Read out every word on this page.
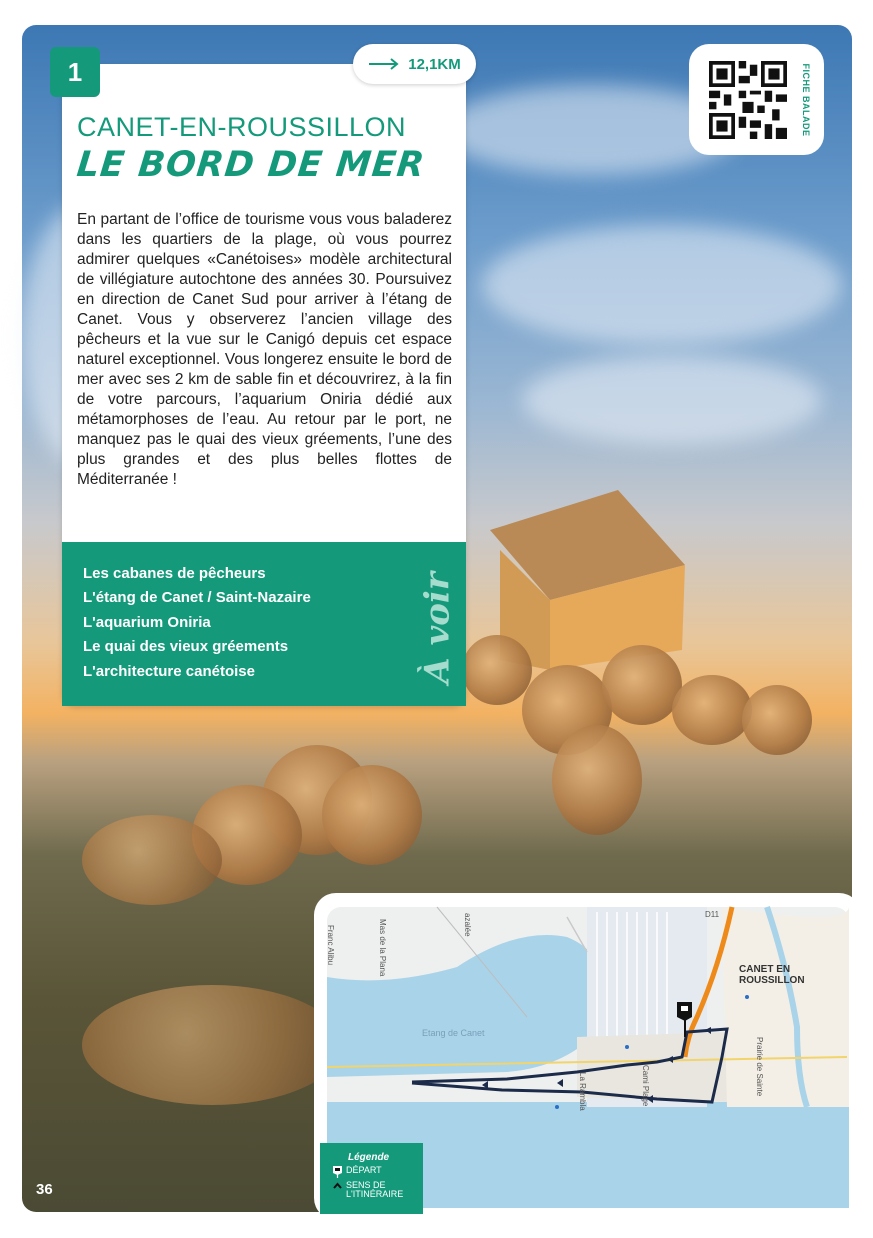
1
CANET-EN-ROUSSILLON
LE BORD DE MER

En partant de l’office de tourisme vous vous baladerez dans les quartiers de la plage, où vous pourrez admirer quelques «Canétoises» modèle architectural de villégiature autochtone des années 30. Poursuivez en direction de Canet Sud pour arriver à l’étang de Canet. Vous y observerez l’ancien village des pêcheurs et la vue sur le Canigó depuis cet espace naturel exceptionnel. Vous longerez ensuite le bord de mer avec ses 2 km de sable fin et découvrirez, à la fin de votre parcours, l’aquarium Oniria dédié aux métamorphoses de l’eau. Au retour par le port, ne manquez pas le quai des vieux gréements, l’une des plus grandes et des plus belles flottes de Méditerranée !

Les cabanes de pêcheurs
L'étang de Canet / Saint-Nazaire
L'aquarium Oniria
Le quai des vieux gréements
L'architecture canétoise	À voir
12,1KM	FICHE BALADE
CANET EN
ROUSSILLON
Etang de Canet
D11
Franc Alibu	Mas de la Plana	azalée
Prairie de Sainte
La Rambla	Cami Plage
Légende
DÉPART
SENS DE
L'ITINÉRAIRE
36
